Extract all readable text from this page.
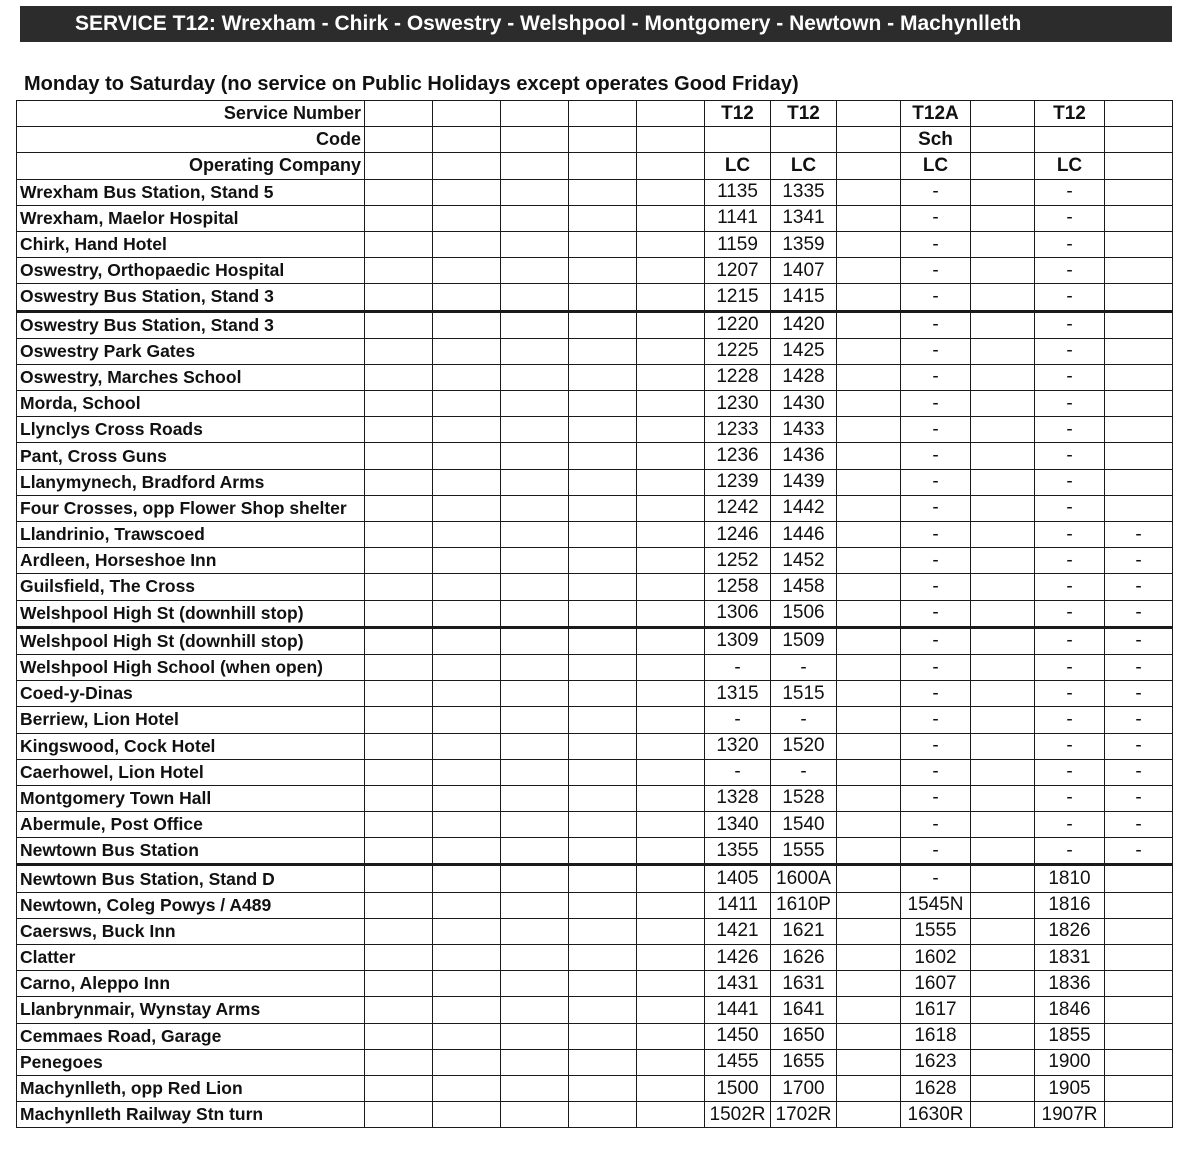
SERVICE T12: Wrexham - Chirk - Oswestry - Welshpool - Montgomery - Newtown - Machynlleth
Monday to Saturday (no service on Public Holidays except operates Good Friday)
Service Number						T12	T12		T12A		T12	
Code									Sch			
Operating Company						LC	LC		LC		LC	
Wrexham Bus Station, Stand 5						1135	1335		-		-	
Wrexham, Maelor Hospital						1141	1341		-		-	
Chirk, Hand Hotel						1159	1359		-		-	
Oswestry, Orthopaedic Hospital						1207	1407		-		-	
Oswestry Bus Station, Stand 3						1215	1415		-		-	
Oswestry Bus Station, Stand 3						1220	1420		-		-	
Oswestry Park Gates						1225	1425		-		-	
Oswestry, Marches School						1228	1428		-		-	
Morda, School						1230	1430		-		-	
Llynclys Cross Roads						1233	1433		-		-	
Pant, Cross Guns						1236	1436		-		-	
Llanymynech, Bradford Arms						1239	1439		-		-	
Four Crosses, opp Flower Shop shelter						1242	1442		-		-	
Llandrinio, Trawscoed						1246	1446		-		-	-
Ardleen, Horseshoe Inn						1252	1452		-		-	-
Guilsfield, The Cross						1258	1458		-		-	-
Welshpool High St (downhill stop)						1306	1506		-		-	-
Welshpool High St (downhill stop)						1309	1509		-		-	-
Welshpool High School (when open)						-	-		-		-	-
Coed-y-Dinas						1315	1515		-		-	-
Berriew, Lion Hotel						-	-		-		-	-
Kingswood, Cock Hotel						1320	1520		-		-	-
Caerhowel, Lion Hotel						-	-		-		-	-
Montgomery Town Hall						1328	1528		-		-	-
Abermule, Post Office						1340	1540		-		-	-
Newtown Bus Station						1355	1555		-		-	-
Newtown Bus Station, Stand D						1405	1600A		-		1810	
Newtown, Coleg Powys / A489						1411	1610P		1545N		1816	
Caersws, Buck Inn						1421	1621		1555		1826	
Clatter						1426	1626		1602		1831	
Carno, Aleppo Inn						1431	1631		1607		1836	
Llanbrynmair, Wynstay Arms						1441	1641		1617		1846	
Cemmaes Road, Garage						1450	1650		1618		1855	
Penegoes						1455	1655		1623		1900	
Machynlleth, opp Red Lion						1500	1700		1628		1905	
Machynlleth Railway Stn turn						1502R	1702R		1630R		1907R	
